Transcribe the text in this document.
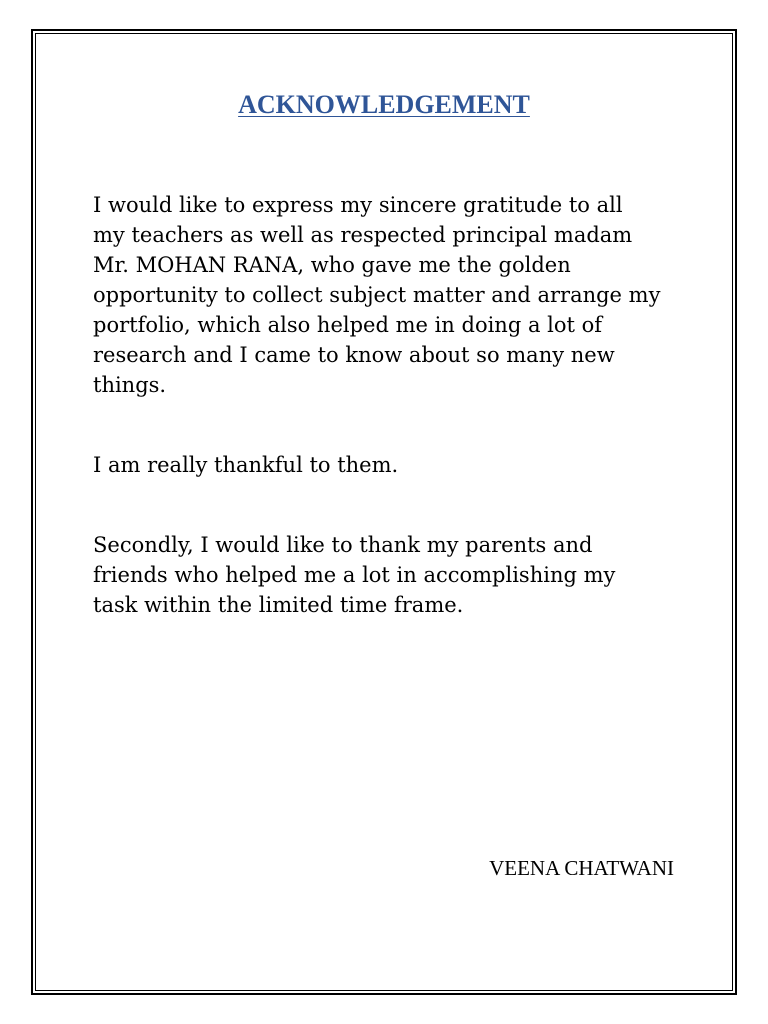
ACKNOWLEDGEMENT

I would like to express my sincere gratitude to all
my teachers as well as respected principal madam
Mr. MOHAN RANA, who gave me the golden
opportunity to collect subject matter and arrange my
portfolio, which also helped me in doing a lot of
research and I came to know about so many new
things.

I am really thankful to them.

Secondly, I would like to thank my parents and
friends who helped me a lot in accomplishing my
task within the limited time frame.

VEENA CHATWANI
